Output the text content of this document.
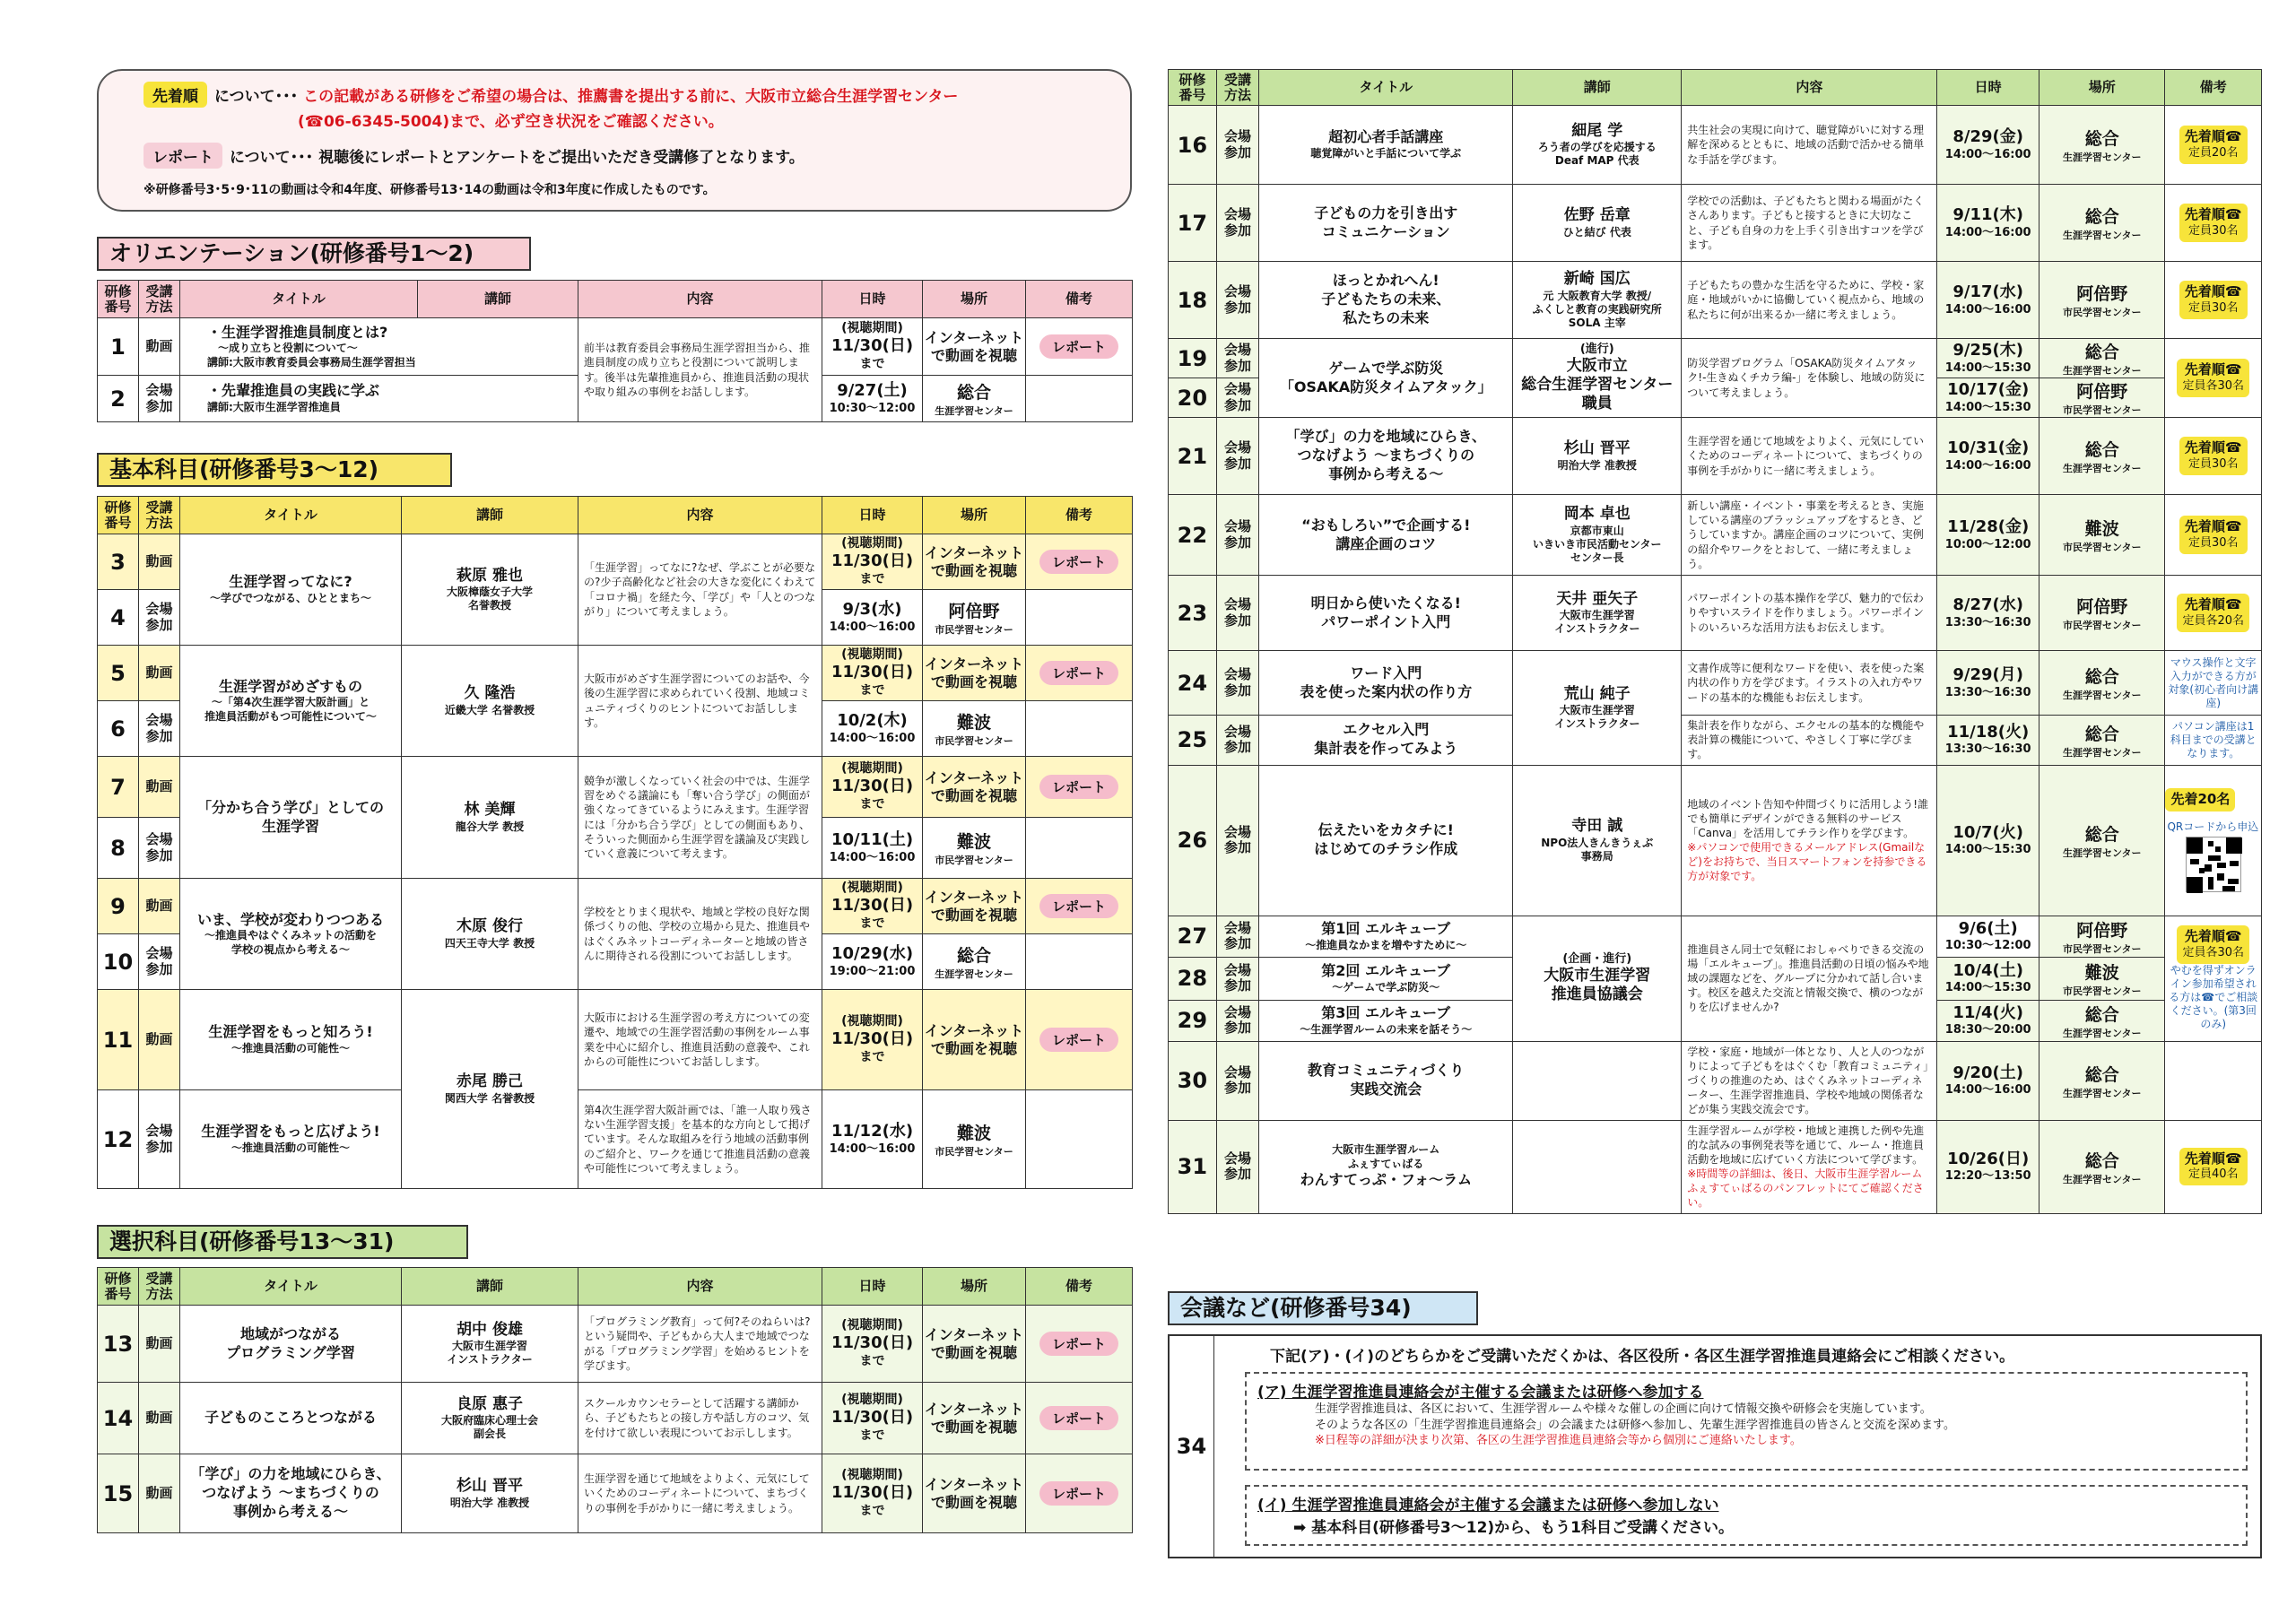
先着順 について･･･ この記載がある研修をご希望の場合は、推薦書を提出する前に、大阪市立総合生涯学習センター
(☎06-6345-5004)まで、必ず空き状況をご確認ください。
レポート について･･･ 視聴後にレポートとアンケートをご提出いただき受講修了となります。
※研修番号3･5･9･11の動画は令和4年度、研修番号13･14の動画は令和3年度に作成したものです。
オリエンテーション(研修番号1～2)
研修
番号	受講
方法	タイトル	講師	内容	日時	場所	備考
1	動画	・生涯学習推進員制度とは?
～成り立ちと役割について～
講師:大阪市教育委員会事務局生涯学習担当		前半は教育委員会事務局生涯学習担当から、推進員制度の成り立ちと役割について説明します。後半は先輩推進員から、推進員活動の現状や取り組みの事例をお話しします。	(視聴期間)
11/30(日)
まで	インターネット
で動画を視聴	レポート
2	会場
参加	・先輩推進員の実践に学ぶ
講師:大阪市生涯学習推進員			9/27(土)
10:30～12:00	総合
生涯学習センター	

基本科目(研修番号3～12)
研修
番号	受講
方法	タイトル	講師	内容	日時	場所	備考
3	動画	生涯学習ってなに?
～学びでつながる、ひととまち～	萩原 雅也
大阪樟蔭女子大学
名誉教授	「生涯学習」ってなに?なぜ、学ぶことが必要なの?少子高齢化など社会の大きな変化にくわえて「コロナ禍」を経た今、「学び」や「人とのつながり」について考えましょう。	(視聴期間)
11/30(日)
まで	インターネット
で動画を視聴	レポート
4	会場
参加				9/3(水)
14:00～16:00	阿倍野
市民学習センター	

5	動画	生涯学習がめざすもの
～「第4次生涯学習大阪計画」と
推進員活動がもつ可能性について～	久 隆浩
近畿大学 名誉教授	大阪市がめざす生涯学習についてのお話や、今後の生涯学習に求められていく役割、地域コミュニティづくりのヒントについてお話しします。	(視聴期間)
11/30(日)
まで	インターネット
で動画を視聴	レポート
6	会場
参加				10/2(木)
14:00～16:00	難波
市民学習センター	

7	動画	「分かち合う学び」としての
生涯学習	林 美輝
龍谷大学 教授	競争が激しくなっていく社会の中では、生涯学習をめぐる議論にも「奪い合う学び」の側面が強くなってきているようにみえます。生涯学習には「分かち合う学び」としての側面もあり、そういった側面から生涯学習を議論及び実践していく意義について考えます。	(視聴期間)
11/30(日)
まで	インターネット
で動画を視聴	レポート
8	会場
参加				10/11(土)
14:00～16:00	難波
市民学習センター	

9	動画	いま、学校が変わりつつある
～推進員やはぐくみネットの活動を
学校の視点から考える～	木原 俊行
四天王寺大学 教授	学校をとりまく現状や、地域と学校の良好な関係づくりの他、学校の立場から見た、推進員やはぐくみネットコーディネーターと地域の皆さんに期待される役割についてお話しします。	(視聴期間)
11/30(日)
まで	インターネット
で動画を視聴	レポート
10	会場
参加				10/29(水)
19:00～21:00	総合
生涯学習センター	

11	動画	生涯学習をもっと知ろう!
～推進員活動の可能性～	赤尾 勝己
関西大学 名誉教授	大阪市における生涯学習の考え方についての変遷や、地域での生涯学習活動の事例をルーム事業を中心に紹介し、推進員活動の意義や、これからの可能性についてお話しします。	(視聴期間)
11/30(日)
まで	インターネット
で動画を視聴	レポート
12	会場
参加	生涯学習をもっと広げよう!
～推進員活動の可能性～		第4次生涯学習大阪計画では、「誰一人取り残さない生涯学習支援」を基本的な方向として掲げています。そんな取組みを行う地域の活動事例のご紹介と、ワークを通じて推進員活動の意義や可能性について考えましょう。	11/12(水)
14:00～16:00	難波
市民学習センター	

選択科目(研修番号13～31)
研修
番号	受講
方法	タイトル	講師	内容	日時	場所	備考
13	動画	地域がつながる
プログラミング学習	胡中 俊雄
大阪市生涯学習
インストラクター	「プログラミング教育」って何?そのねらいは?という疑問や、子どもから大人まで地域でつながる「プログラミング学習」を始めるヒントを学びます。	(視聴期間)
11/30(日)
まで	インターネット
で動画を視聴	レポート
14	動画	子どものこころとつながる	良原 惠子
大阪府臨床心理士会
副会長	スクールカウンセラーとして活躍する講師から、子どもたちとの接し方や話し方のコツ、気を付けて欲しい表現についてお示しします。	(視聴期間)
11/30(日)
まで	インターネット
で動画を視聴	レポート
15	動画	「学び」の力を地域にひらき、
つなげよう ～まちづくりの
事例から考える～	杉山 晋平
明治大学 准教授	生涯学習を通じて地域をよりよく、元気にしていくためのコーディネートについて、まちづくりの事例を手がかりに一緒に考えましょう。	(視聴期間)
11/30(日)
まで	インターネット
で動画を視聴	レポート
研修
番号	受講
方法	タイトル	講師	内容	日時	場所	備考
16	会場
参加	超初心者手話講座
聴覚障がいと手話について学ぶ	細尾 学
ろう者の学びを応援する
Deaf MAP 代表	共生社会の実現に向けて、聴覚障がいに対する理解を深めるとともに、地域の活動で活かせる簡単な手話を学びます。	8/29(金)
14:00～16:00	総合
生涯学習センター	先着順☎
定員20名

17	会場
参加	子どもの力を引き出す
コミュニケーション	佐野 岳章
ひと結び 代表	学校での活動は、子どもたちと関わる場面がたくさんあります。子どもと接するときに大切なこと、子ども自身の力を上手く引き出すコツを学びます。	9/11(木)
14:00～16:00	総合
生涯学習センター	先着順☎
定員30名

18	会場
参加	ほっとかれへん!
子どもたちの未来、
私たちの未来	新崎 国広
元 大阪教育大学 教授/
ふくしと教育の実践研究所
SOLA 主宰	子どもたちの豊かな生活を守るために、学校・家庭・地域がいかに協働していく視点から、地域の私たちに何が出来るか一緒に考えましょう。	9/17(水)
14:00～16:00	阿倍野
市民学習センター	先着順☎
定員30名

19	会場
参加	ゲームで学ぶ防災
「OSAKA防災タイムアタック」	(進行)
大阪市立
総合生涯学習センター
職員	防災学習プログラム「OSAKA防災タイムアタック!-生きぬくチカラ編-」を体験し、地域の防災について考えましょう。	9/25(木)
14:00～15:30	総合
生涯学習センター	先着順☎
定員各30名

20	会場
参加				10/17(金)
14:00～15:30	阿倍野
市民学習センター	

21	会場
参加	「学び」の力を地域にひらき、
つなげよう ～まちづくりの
事例から考える～	杉山 晋平
明治大学 准教授	生涯学習を通じて地域をよりよく、元気にしていくためのコーディネートについて、まちづくりの事例を手がかりに一緒に考えましょう。	10/31(金)
14:00～16:00	総合
生涯学習センター	先着順☎
定員30名

22	会場
参加	“おもしろい”で企画する!
講座企画のコツ	岡本 卓也
京都市東山
いきいき市民活動センター
センター長	新しい講座・イベント・事業を考えるとき、実施している講座のブラッシュアップをするとき、どうしていますか。講座企画のコツについて、実例の紹介やワークをとおして、一緒に考えましょう。	11/28(金)
10:00～12:00	難波
市民学習センター	先着順☎
定員30名

23	会場
参加	明日から使いたくなる!
パワーポイント入門	天井 亜矢子
大阪市生涯学習
インストラクター	パワーポイントの基本操作を学び、魅力的で伝わりやすいスライドを作りましょう。パワーポイントのいろいろな活用方法もお伝えします。	8/27(水)
13:30～16:30	阿倍野
市民学習センター	先着順☎
定員各20名

24	会場
参加	ワード入門
表を使った案内状の作り方	荒山 純子
大阪市生涯学習
インストラクター	文書作成等に便利なワードを使い、表を使った案内状の作り方を学びます。イラストの入れ方やワードの基本的な機能もお伝えします。	9/29(月)
13:30～16:30	総合
生涯学習センター	マウス操作と文字入力ができる方が対象(初心者向け講座)

25	会場
参加	エクセル入門
集計表を作ってみよう		集計表を作りながら、エクセルの基本的な機能や表計算の機能について、やさしく丁寧に学びます。	11/18(火)
13:30～16:30	総合
生涯学習センター	パソコン講座は1科目までの受講となります。

26	会場
参加	伝えたいをカタチに!
はじめてのチラシ作成	寺田 誠
NPO法人きんきうぇぶ
事務局	地域のイベント告知や仲間づくりに活用しよう!誰でも簡単にデザインができる無料のサービス「Canva」を活用してチラシ作りを学びます。
※パソコンで使用できるメールアドレス(Gmailなど)をお持ちで、当日スマートフォンを持参できる方が対象です。	10/7(火)
14:00～15:30	総合
生涯学習センター	先着20名
QRコードから申込

27	会場
参加	第1回 エルキューブ
～推進員なかまを増やすために～	(企画・進行)
大阪市生涯学習
推進員協議会	推進員さん同士で気軽におしゃべりできる交流の場「エルキューブ」。推進員活動の日頃の悩みや地域の課題などを、グループに分かれて話し合います。校区を越えた交流と情報交換で、横のつながりを広げませんか?	9/6(土)
10:30～12:00	阿倍野
市民学習センター	先着順☎
定員各30名
やむを得ずオンライン参加希望される方は☎でご相談ください。(第3回のみ)

28	会場
参加	第2回 エルキューブ
～ゲームで学ぶ防災～			10/4(土)
14:00～15:30	難波
市民学習センター	

29	会場
参加	第3回 エルキューブ
～生涯学習ルームの未来を話そう～			11/4(火)
18:30～20:00	総合
生涯学習センター	

30	会場
参加	教育コミュニティづくり
実践交流会		学校・家庭・地域が一体となり、人と人のつながりによって子どもをはぐくむ「教育コミュニティ」づくりの推進のため、はぐくみネットコーディネーター、生涯学習推進員、学校や地域の関係者などが集う実践交流会です。	9/20(土)
14:00～16:00	総合
生涯学習センター	

31	会場
参加	大阪市生涯学習ルーム
ふぇすてぃばる
わんすてっぷ・フォ～ラム		生涯学習ルームが学校・地域と連携した例や先進的な試みの事例発表等を通じて、ルーム・推進員活動を地域に広げていく方法について学びます。
※時間等の詳細は、後日、大阪市生涯学習ルームふぇすてぃばるのパンフレットにてご確認ください。	10/26(日)
12:20～13:50	総合
生涯学習センター	先着順☎
定員40名
会議など(研修番号34)
34
下記(ア)・(イ)のどちらかをご受講いただくかは、各区役所・各区生涯学習推進員連絡会にご相談ください。
(ア) 生涯学習推進員連絡会が主催する会議または研修へ参加する
生涯学習推進員は、各区において、生涯学習ルームや様々な催しの企画に向けて情報交換や研修会を実施しています。
そのような各区の「生涯学習推進員連絡会」の会議または研修へ参加し、先輩生涯学習推進員の皆さんと交流を深めます。
※日程等の詳細が決まり次第、各区の生涯学習推進員連絡会等から個別にご連絡いたします。
(イ) 生涯学習推進員連絡会が主催する会議または研修へ参加しない
➡ 基本科目(研修番号3～12)から、もう1科目ご受講ください。
